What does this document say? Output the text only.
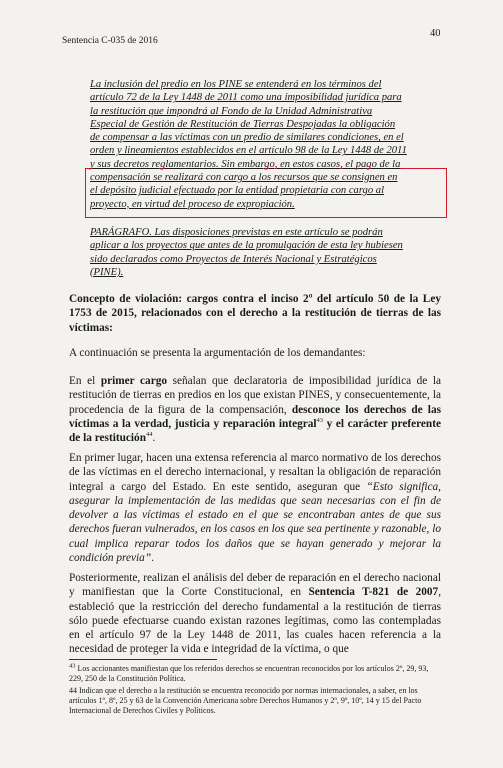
Sentencia C-035 de 2016
40
La inclusión del predio en los PINE se entenderá en los términos del
artículo 72 de la Ley 1448 de 2011 como una imposibilidad jurídica para
la restitución que impondrá al Fondo de la Unidad Administrativa
Especial de Gestión de Restitución de Tierras Despojadas la obligación
de compensar a las víctimas con un predio de similares condiciones, en el
orden y lineamientos establecidos en el artículo 98 de la Ley 1448 de 2011
y sus decretos reglamentarios. Sin embargo, en estos casos, el pago de la
compensación se realizará con cargo a los recursos que se consignen en
el depósito judicial efectuado por la entidad propietaria con cargo al
proyecto, en virtud del proceso de expropiación.
PARÁGRAFO. Las disposiciones previstas en este artículo se podrán
aplicar a los proyectos que antes de la promulgación de esta ley hubiesen
sido declarados como Proyectos de Interés Nacional y Estratégicos
(PINE).
Concepto de violación: cargos contra el inciso 2º del artículo 50 de la Ley 1753 de 2015, relacionados con el derecho a la restitución de tierras de las víctimas:
A continuación se presenta la argumentación de los demandantes:
En el primer cargo señalan que declaratoria de imposibilidad jurídica de la restitución de tierras en predios en los que existan PINES, y consecuentemente, la procedencia de la figura de la compensación, desconoce los derechos de las víctimas a la verdad, justicia y reparación integral$^{43}$ y el carácter preferente de la restitución$^{44}$.
En primer lugar, hacen una extensa referencia al marco normativo de los derechos de las víctimas en el derecho internacional, y resaltan la obligación de reparación integral a cargo del Estado. En este sentido, aseguran que “Esto significa, asegurar la implementación de las medidas que sean necesarias con el fin de devolver a las víctimas el estado en el que se encontraban antes de que sus derechos fueran vulnerados, en los casos en los que sea pertinente y razonable, lo cual implica reparar todos los daños que se hayan generado y mejorar la condición previa”.
Posteriormente, realizan el análisis del deber de reparación en el derecho nacional y manifiestan que la Corte Constitucional, en Sentencia T-821 de 2007, estableció que la restricción del derecho fundamental a la restitución de tierras sólo puede efectuarse cuando existan razones legítimas, como las contempladas en el artículo 97 de la Ley 1448 de 2011, las cuales hacen referencia a la necesidad de proteger la vida e integridad de la víctima, o que
$^{43}$ Los accionantes manifiestan que los referidos derechos se encuentran reconocidos por los artículos 2º, 29, 93, 229, 250 de la Constitución Política.
44 Indican que el derecho a la restitución se encuentra reconocido por normas internacionales, a saber, en los artículos 1º, 8º, 25 y 63 de la Convención Americana sobre Derechos Humanos y 2º, 9º, 10º, 14 y 15 del Pacto Internacional de Derechos Civiles y Políticos.
